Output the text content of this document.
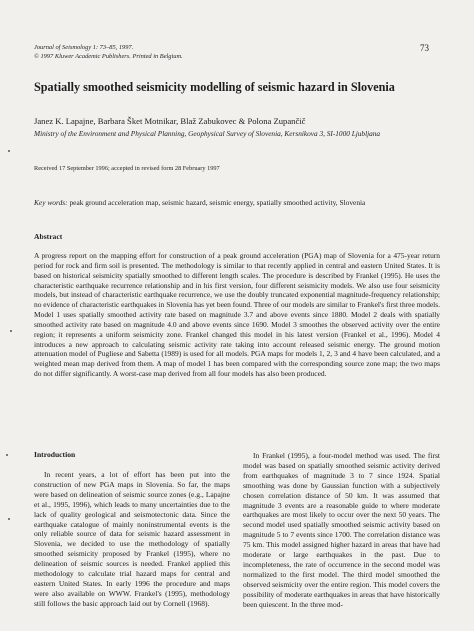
Journal of Seismology 1: 73–85, 1997.
© 1997 Kluwer Academic Publishers. Printed in Belgium.
73
Spatially smoothed seismicity modelling of seismic hazard in Slovenia
Janez K. Lapajne, Barbara Šket Motnikar, Blaž Zabukovec & Polona Zupančič
Ministry of the Environment and Physical Planning, Geophysical Survey of Slovenia, Kersnikova 3, SI-1000 Ljubljana
Received 17 September 1996; accepted in revised form 28 February 1997
Key words: peak ground acceleration map, seismic hazard, seismic energy, spatially smoothed activity, Slovenia
Abstract
A progress report on the mapping effort for construction of a peak ground acceleration (PGA) map of Slovenia for a 475-year return period for rock and firm soil is presented. The methodology is similar to that recently applied in central and eastern United States. It is based on historical seismicity spatially smoothed to different length scales. The procedure is described by Frankel (1995). He uses the characteristic earthquake recurrence relationship and in his first version, four different seismicity models. We also use four seismicity models, but instead of characteristic earthquake recurrence, we use the doubly truncated exponential magnitude-frequency relationship; no evidence of characteristic earthquakes in Slovenia has yet been found. Three of our models are similar to Frankel's first three models. Model 1 uses spatially smoothed activity rate based on magnitude 3.7 and above events since 1880. Model 2 deals with spatially smoothed activity rate based on magnitude 4.0 and above events since 1690. Model 3 smoothes the observed activity over the entire region; it represents a uniform seismicity zone. Frankel changed this model in his latest version (Frankel et al., 1996). Model 4 introduces a new approach to calculating seismic activity rate taking into account released seismic energy. The ground motion attenuation model of Pugliese and Sabetta (1989) is used for all models. PGA maps for models 1, 2, 3 and 4 have been calculated, and a weighted mean map derived from them. A map of model 1 has been compared with the corresponding source zone map; the two maps do not differ significantly. A worst-case map derived from all four models has also been produced.
Introduction
In recent years, a lot of effort has been put into the construction of new PGA maps in Slovenia. So far, the maps were based on delineation of seismic source zones (e.g., Lapajne et al., 1995, 1996), which leads to many uncertainties due to the lack of quality geological and seismotectonic data. Since the earthquake catalogue of mainly noninstrumental events is the only reliable source of data for seismic hazard assessment in Slovenia, we decided to use the methodology of spatially smoothed seismicity proposed by Frankel (1995), where no delineation of seismic sources is needed. Frankel applied this methodology to calculate trial hazard maps for central and eastern United States. In early 1996 the procedure and maps were also available on WWW. Frankel's (1995), methodology still follows the basic approach laid out by Cornell (1968).
In Frankel (1995), a four-model method was used. The first model was based on spatially smoothed seismic activity derived from earthquakes of magnitude 3 to 7 since 1924. Spatial smoothing was done by Gaussian function with a subjectively chosen correlation distance of 50 km. It was assumed that magnitude 3 events are a reasonable guide to where moderate earthquakes are most likely to occur over the next 50 years. The second model used spatially smoothed seismic activity based on magnitude 5 to 7 events since 1700. The correlation distance was 75 km. This model assigned higher hazard in areas that have had moderate or large earthquakes in the past. Due to incompleteness, the rate of occurrence in the second model was normalized to the first model. The third model smoothed the observed seismicity over the entire region. This model covers the possibility of moderate earthquakes in areas that have historically been quiescent. In the three mod-
